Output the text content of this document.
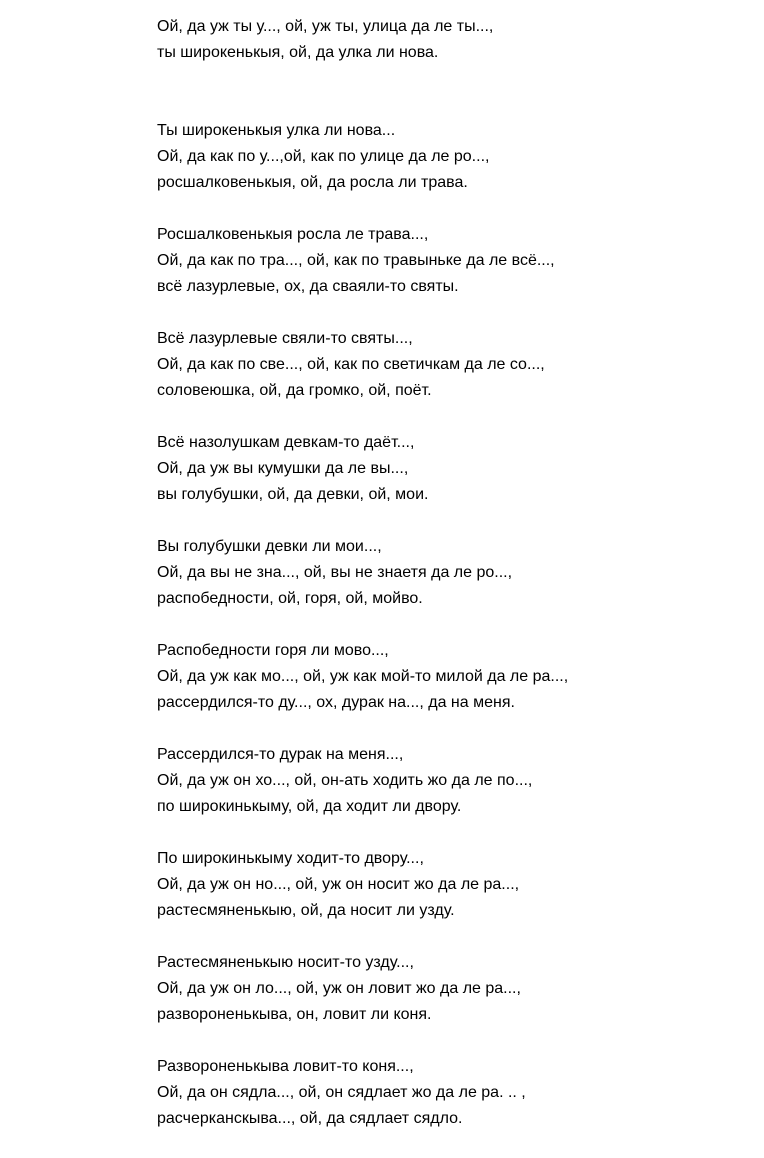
Ой, да уж ты у..., ой, уж ты, улица да ле ты...,
ты широкенькыя, ой, да улка ли нова.
Ты широкенькыя улка ли нова...
Ой, да как по у...,ой, как по улице да ле ро...,
росшалковенькыя, ой, да росла ли трава.
Росшалковенькыя росла ле трава...,
Ой, да как по тра..., ой, как по травыньке да ле всё...,
всё лазурлевые, ох, да сваяли-то святы.
Всё лазурлевые свяли-то святы...,
Ой, да как по све..., ой, как по светичкам да ле со...,
соловеюшка, ой, да громко, ой, поёт.
Всё назолушкам девкам-то даёт...,
Ой, да уж вы кумушки да ле вы...,
вы голубушки, ой, да девки, ой, мои.
Вы голубушки девки ли мои...,
Ой, да вы не зна..., ой, вы не знаетя да ле ро...,
распобедности, ой, горя, ой, мойво.
Распобедности горя ли мово...,
Ой, да уж как мо..., ой, уж как мой-то милой да ле ра...,
рассердился-то ду..., ох, дурак на..., да на меня.
Рассердился-то дурак на меня...,
Ой, да уж он хо..., ой, он-ать ходить жо да ле по...,
по широкинькыму, ой, да ходит ли двору.
По широкинькыму ходит-то двору...,
Ой, да уж он но..., ой, уж он носит жо да ле ра...,
растесмяненькыю, ой, да носит ли узду.
Растесмяненькыю носит-то узду...,
Ой, да уж он ло..., ой, уж он ловит жо да ле ра...,
развороненькыва, он, ловит ли коня.
Развороненькыва ловит-то коня...,
Ой, да он сядла..., ой, он сядлает жо да ле ра. .. ,
расчерканскыва..., ой, да сядлает сядло.
